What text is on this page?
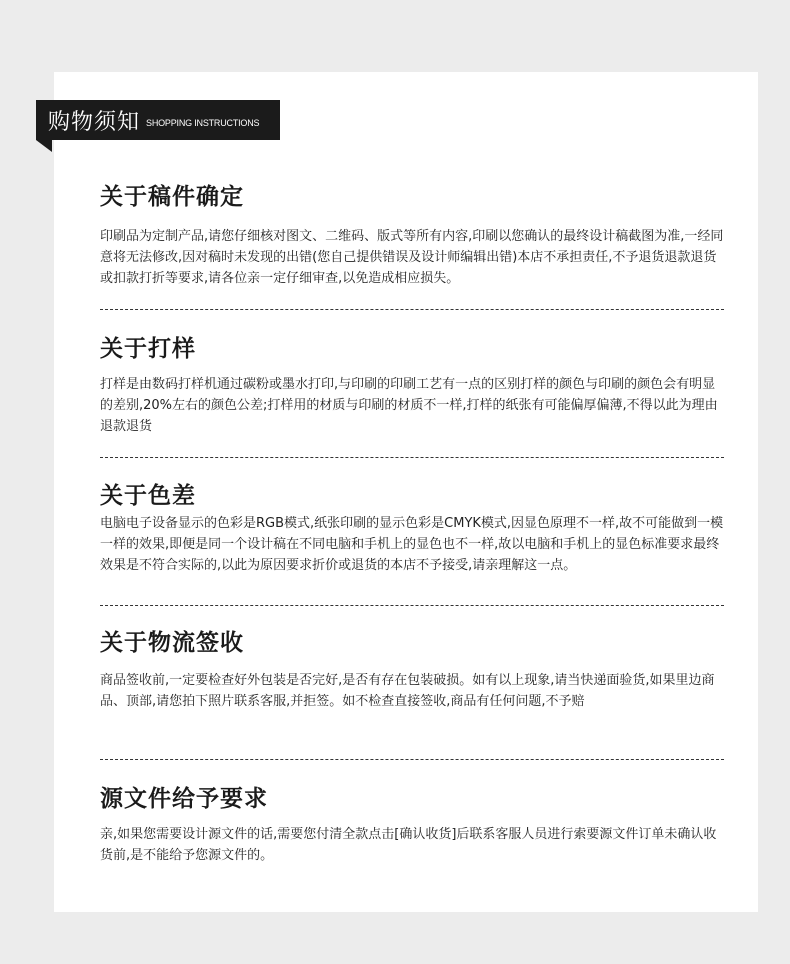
购物须知 SHOPPING INSTRUCTIONS
关于稿件确定

印刷品为定制产品,请您仔细核对图文、二维码、版式等所有内容,印刷以您确认的最终设计稿截图为准,一经同意将无法修改,因对稿时未发现的出错(您自己提供错误及设计师编辑出错)本店不承担责任,不予退货退款退货或扣款打折等要求,请各位亲一定仔细审查,以免造成相应损失。

关于打样

打样是由数码打样机通过碳粉或墨水打印,与印刷的印刷工艺有一点的区别打样的颜色与印刷的颜色会有明显的差别,20%左右的颜色公差;打样用的材质与印刷的材质不一样,打样的纸张有可能偏厚偏薄,不得以此为理由退款退货

关于色差

电脑电子设备显示的色彩是RGB模式,纸张印刷的显示色彩是CMYK模式,因显色原理不一样,故不可能做到一模一样的效果,即便是同一个设计稿在不同电脑和手机上的显色也不一样,故以电脑和手机上的显色标准要求最终效果是不符合实际的,以此为原因要求折价或退货的本店不予接受,请亲理解这一点。

关于物流签收

商品签收前,一定要检查好外包装是否完好,是否有存在包装破损。如有以上现象,请当快递面验货,如果里边商品、顶部,请您拍下照片联系客服,并拒签。如不检查直接签收,商品有任何问题,不予赔

源文件给予要求

亲,如果您需要设计源文件的话,需要您付清全款点击[确认收货]后联系客服人员进行索要源文件订单未确认收货前,是不能给予您源文件的。
